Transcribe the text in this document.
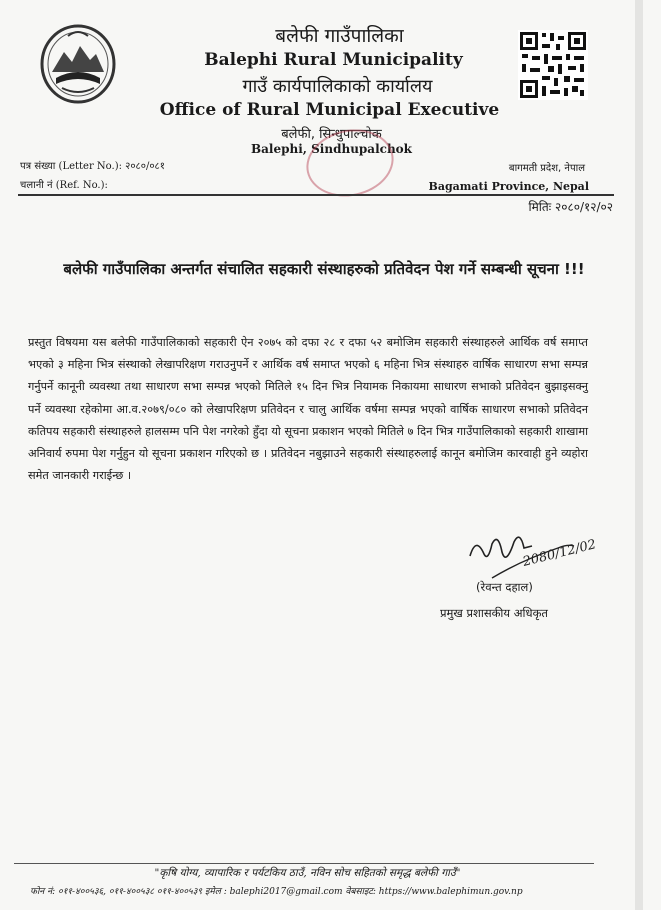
बलेफी गाउँपालिका
Balephi Rural Municipality
गाउँ कार्यपालिकाको कार्यालय
Office of Rural Municipal Executive
बलेफी, सिन्धुपाल्चोक
Balephi, Sindhupalchok
पत्र संख्या (Letter No.): २०८०/०८१
चलानी नं (Ref. No.):
बागमती प्रदेश, नेपाल
Bagamati Province, Nepal
मितिः २०८०/१२/०२
बलेफी गाउँपालिका अन्तर्गत संचालित सहकारी संस्थाहरुको प्रतिवेदन पेश गर्ने सम्बन्धी सूचना !!!

प्रस्तुत विषयमा यस बलेफी गाउँपालिकाको सहकारी ऐन २०७५ को दफा २८ र दफा ५२ बमोजिम सहकारी संस्थाहरुले आर्थिक वर्ष समाप्त भएको ३ महिना भित्र संस्थाको लेखापरिक्षण गराउनुपर्ने र आर्थिक वर्ष समाप्त भएको ६ महिना भित्र संस्थाहरु वार्षिक साधारण सभा सम्पन्न गर्नुपर्ने कानूनी व्यवस्था तथा साधारण सभा सम्पन्न भएको मितिले १५ दिन भित्र नियामक निकायमा साधारण सभाको प्रतिवेदन बुझाइसक्नु पर्ने व्यवस्था रहेकोमा आ.व.२०७९/०८० को लेखापरिक्षण प्रतिवेदन र चालु आर्थिक वर्षमा सम्पन्न भएको वार्षिक साधारण सभाको प्रतिवेदन कतिपय सहकारी संस्थाहरुले हालसम्म पनि पेश नगरेको हुँदा यो सूचना प्रकाशन भएको मितिले ७ दिन भित्र गाउँपालिकाको सहकारी शाखामा अनिवार्य रुपमा पेश गर्नुहुन यो सूचना प्रकाशन गरिएको छ । प्रतिवेदन नबुझाउने सहकारी संस्थाहरुलाई कानून बमोजिम कारवाही हुने व्यहोरा समेत जानकारी गराईन्छ ।

2080/12/02
(रेवन्त दहाल)
प्रमुख प्रशासकीय अधिकृत
"कृषि योग्य, व्यापारिक र पर्यटकिय ठाउँ, नविन सोच सहितको समृद्ध बलेफी गाउँ"
फोन नं: ०११-४००५३६, ०११-४००५३८ ०११-४००५३९ इमेल : balephi2017@gmail.com वेबसाइट: https://www.balephimun.gov.np
